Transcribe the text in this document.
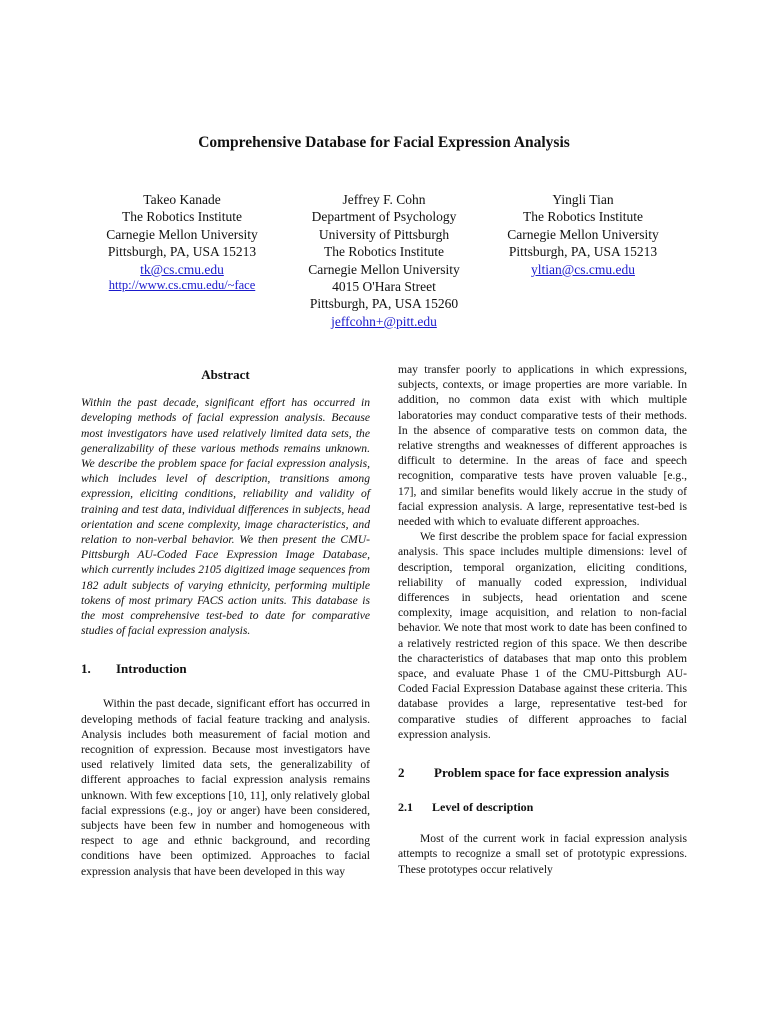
Comprehensive Database for Facial Expression Analysis
Takeo Kanade
The Robotics Institute
Carnegie Mellon University
Pittsburgh, PA, USA 15213
tk@cs.cmu.edu
http://www.cs.cmu.edu/~face
Jeffrey F. Cohn
Department of Psychology
University of Pittsburgh
The Robotics Institute
Carnegie Mellon University
4015 O'Hara Street
Pittsburgh, PA, USA 15260
jeffcohn+@pitt.edu
Yingli Tian
The Robotics Institute
Carnegie Mellon University
Pittsburgh, PA, USA 15213
yltian@cs.cmu.edu
Abstract

Within the past decade, significant effort has occurred in developing methods of facial expression analysis. Because most investigators have used relatively limited data sets, the generalizability of these various methods remains unknown. We describe the problem space for facial expression analysis, which includes level of description, transitions among expression, eliciting conditions, reliability and validity of training and test data, individual differences in subjects, head orientation and scene complexity, image characteristics, and relation to non-verbal behavior. We then present the CMU-Pittsburgh AU-Coded Face Expression Image Database, which currently includes 2105 digitized image sequences from 182 adult subjects of varying ethnicity, performing multiple tokens of most primary FACS action units. This database is the most comprehensive test-bed to date for comparative studies of facial expression analysis.

1.	Introduction

Within the past decade, significant effort has occurred in developing methods of facial feature tracking and analysis. Analysis includes both measurement of facial motion and recognition of expression. Because most investigators have used relatively limited data sets, the generalizability of different approaches to facial expression analysis remains unknown. With few exceptions [10, 11], only relatively global facial expressions (e.g., joy or anger) have been considered, subjects have been few in number and homogeneous with respect to age and ethnic background, and recording conditions have been optimized. Approaches to facial expression analysis that have been developed in this way

may transfer poorly to applications in which expressions, subjects, contexts, or image properties are more variable. In addition, no common data exist with which multiple laboratories may conduct comparative tests of their methods. In the absence of comparative tests on common data, the relative strengths and weaknesses of different approaches is difficult to determine. In the areas of face and speech recognition, comparative tests have proven valuable [e.g., 17], and similar benefits would likely accrue in the study of facial expression analysis. A large, representative test-bed is needed with which to evaluate different approaches.

We first describe the problem space for facial expression analysis. This space includes multiple dimensions: level of description, temporal organization, eliciting conditions, reliability of manually coded expression, individual differences in subjects, head orientation and scene complexity, image acquisition, and relation to non-facial behavior. We note that most work to date has been confined to a relatively restricted region of this space. We then describe the characteristics of databases that map onto this problem space, and evaluate Phase 1 of the CMU-Pittsburgh AU-Coded Facial Expression Database against these criteria. This database provides a large, representative test-bed for comparative studies of different approaches to facial expression analysis.

2	Problem space for face expression analysis
2.1	Level of description

Most of the current work in facial expression analysis attempts to recognize a small set of prototypic expressions. These prototypes occur relatively
